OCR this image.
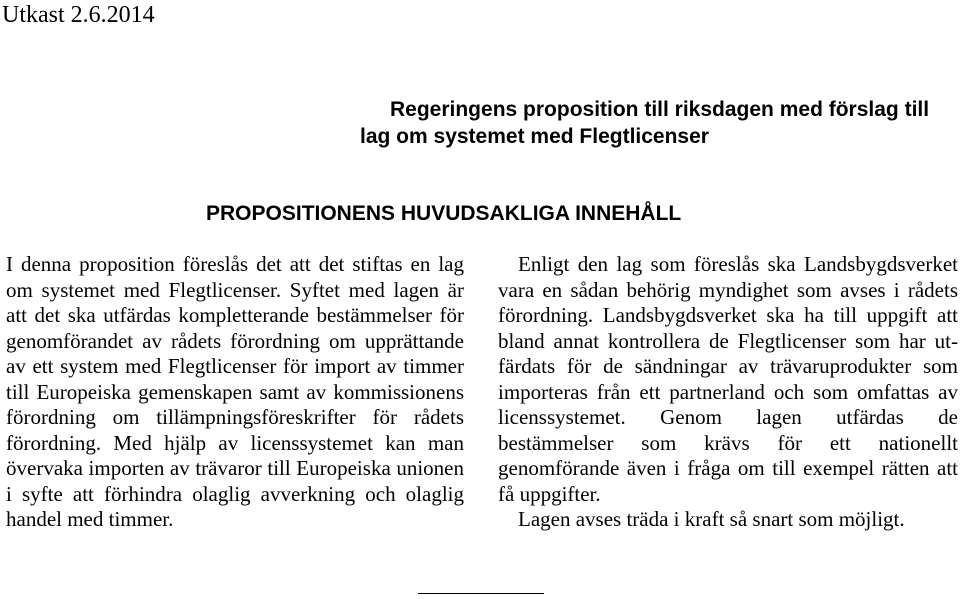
Utkast 2.6.2014
Regeringens proposition till riksdagen med förslag till
lag om systemet med Flegtlicenser
PROPOSITIONENS HUVUDSAKLIGA INNEHÅLL

I denna proposition föreslås det att det stiftas en lag om systemet med Flegtlicenser. Syftet med lagen är att det ska utfärdas kompletterande bestämmelser för genomförandet av rådets förordning om upprättande av ett system med Flegtlicenser för import av timmer till Europeiska gemenskapen samt av kommissionens förordning om tillämpningsföreskrifter för rådets förordning. Med hjälp av licenssystemet kan man övervaka importen av trävaror till Europeiska unionen i syfte att förhindra olaglig avverkning och olaglig handel med timmer.

Enligt den lag som föreslås ska Landsbygdsverket vara en sådan behörig myndighet som avses i rådets förordning. Landsbygdsverket ska ha till uppgift att bland annat kontrollera de Flegtlicenser som har utfärdats för de sändningar av trävaruprodukter som importeras från ett partnerland och som omfattas av licenssystemet. Genom lagen utfärdas de bestämmelser som krävs för ett nationellt genomförande även i fråga om till exempel rätten att få uppgifter.

Lagen avses träda i kraft så snart som möjligt.
